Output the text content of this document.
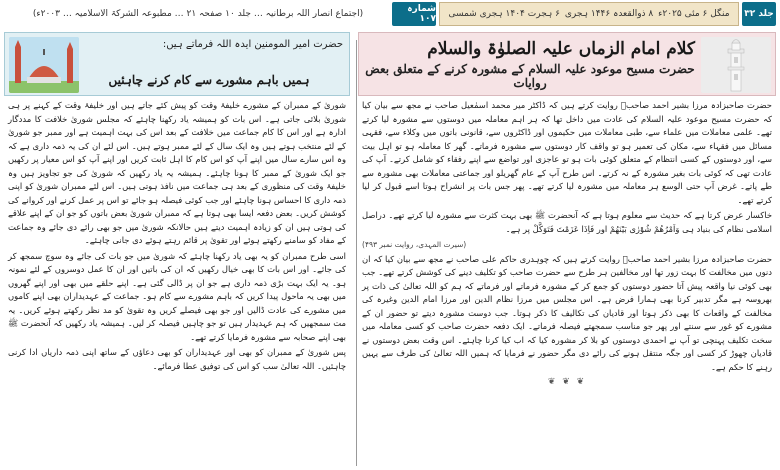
جلد ۳۲
منگل ۶ مئی ۲۰۲۵ء
۸ ذوالقعدہ ۱۴۴۶ ہجری
۶ ہجرت ۱۴۰۴ ہجری شمسی
شمارہ ۱۰۷
(اجتماع انصار اللہ برطانیہ … جلد ۱۰ صفحہ ۲۱ … مطبوعہ الشرکۃ الاسلامیہ … ۲۰۰۳ء)
کلام امام الزماں علیہ الصلوٰۃ والسلام
حضرت مسیح موعود علیہ السلام کے مشورہ کرنے کے متعلق بعض روایات

حضرت صاحبزادہ مرزا بشیر احمد صاحبؓ روایت کرتے ہیں کہ ڈاکٹر میر محمد اسمٰعیل صاحب نے مجھ سے بیان کیا کہ حضرت مسیح موعود علیہ السلام کی عادت میں داخل تھا کہ ہر اہم معاملہ میں دوستوں سے مشورہ لیا کرتے تھے۔ علمی معاملات میں علماء سے، طبی معاملات میں حکیموں اور ڈاکٹروں سے، قانونی باتوں میں وکلاء سے، فقہی مسائل میں فقہاء سے، مکان کی تعمیر ہو تو واقف کار دوستوں سے مشورہ فرماتے۔ گھر کا معاملہ ہو تو اہل بیت سے، اور دوستوں کے کسی انتظام کے متعلق کوئی بات ہو تو عاجزی اور تواضع سے اپنے رفقاء کو شامل کرتے۔ آپ کی عادت تھی کہ کوئی بات بغیر مشورہ کے نہ کرتے۔ اس طرح آپ کے عام گھریلو اور جماعتی معاملات بھی مشورہ سے طے پاتے۔ غرض آپ حتی الوسع ہر معاملہ میں مشورہ لیا کرتے تھے۔ پھر جس بات پر انشراح ہوتا اسے قبول کر لیا کرتے تھے۔

خاکسار عرض کرتا ہے کہ حدیث سے معلوم ہوتا ہے کہ آنحضرت ﷺ بھی بہت کثرت سے مشورہ لیا کرتے تھے۔ دراصل اسلامی نظام کی بنیاد ہی وَاَمْرُھُمْ شُوْرٰی بَیْنَھُمْ اور فَاِذَا عَزَمْتَ فَتَوَکَّلْ پر ہے۔

(سیرت المہدی، روایت نمبر ۴۹۳)

حضرت صاحبزادہ مرزا بشیر احمد صاحبؓ روایت کرتے ہیں کہ چوہدری حاکم علی صاحب نے مجھ سے بیان کیا کہ ان دنوں میں مخالفت کا بہت زور تھا اور مخالفین ہر طرح سے حضرت صاحب کو تکلیف دینے کی کوشش کرتے تھے۔ جب بھی کوئی نیا واقعہ پیش آتا حضور دوستوں کو جمع کر کے مشورہ فرماتے اور فرماتے کہ ہم کو اللہ تعالیٰ کی ذات پر بھروسہ ہے مگر تدبیر کرنا بھی ہمارا فرض ہے۔ اس مجلس میں مرزا نظام الدین اور مرزا امام الدین وغیرہ کی مخالفت کے واقعات کا بھی ذکر ہوتا اور قادیان کی تکالیف کا ذکر ہوتا۔ جب دوست مشورہ دیتے تو حضور ان کے مشورے کو غور سے سنتے اور پھر جو مناسب سمجھتے فیصلہ فرماتے۔ ایک دفعہ حضرت صاحب کو کسی معاملہ میں سخت تکلیف پہنچی تو آپ نے احمدی دوستوں کو بلا کر مشورہ کیا کہ اب کیا کرنا چاہئے۔ اس وقت بعض دوستوں نے قادیان چھوڑ کر کسی اور جگہ منتقل ہونے کی رائے دی مگر حضور نے فرمایا کہ ہمیں اللہ تعالیٰ کی طرف سے یہیں رہنے کا حکم ہے۔

❦ ❦ ❦
حضرت امیر المومنین ایدہ اللہ فرماتے ہیں:
ہمیں باہم مشورے سے کام کرنے چاہئیں

شوریٰ کے ممبران کے مشورے خلیفۂ وقت کو پیش کئے جاتے ہیں اور خلیفۂ وقت کے کہنے پر ہی شوریٰ بلائی جاتی ہے۔ اس بات کو ہمیشہ یاد رکھنا چاہئے کہ مجلس شوریٰ خلافت کا مددگار ادارہ ہے اور اس کا کام جماعت میں خلافت کے بعد اس کی بہت اہمیت ہے اور ممبر جو شوریٰ کے لئے منتخب ہوتے ہیں وہ ایک سال کے لئے ممبر ہوتے ہیں۔ اس لئے ان کی یہ ذمہ داری ہے کہ وہ اس سارے سال میں اپنے آپ کو اس کام کا اہل ثابت کریں اور اپنے آپ کو اس معیار پر رکھیں جو ایک شوریٰ کے ممبر کا ہونا چاہئے۔ ہمیشہ یہ یاد رکھیں کہ شوریٰ کی جو تجاویز ہیں وہ خلیفۂ وقت کی منظوری کے بعد ہی جماعت میں نافذ ہوتی ہیں۔ اس لئے ممبران شوریٰ کو اپنی ذمہ داری کا احساس ہونا چاہئے اور جب کوئی فیصلہ ہو جائے تو اس پر عمل کرنے اور کروانے کی کوشش کریں۔ بعض دفعہ ایسا بھی ہوتا ہے کہ ممبران شوریٰ بعض باتوں کو جو ان کے اپنے علاقے کی ہوتی ہیں ان کو زیادہ اہمیت دیتے ہیں حالانکہ شوریٰ میں جو بھی رائے دی جائے وہ جماعت کے مفاد کو سامنے رکھتے ہوئے اور تقویٰ پر قائم رہتے ہوئے دی جانی چاہئے۔

اسی طرح ممبران کو یہ بھی یاد رکھنا چاہئے کہ شوریٰ میں جو بات کی جائے وہ سوچ سمجھ کر کی جائے۔ اور اس بات کا بھی خیال رکھیں کہ ان کی باتیں اور ان کا عمل دوسروں کے لئے نمونہ ہو۔ یہ ایک بہت بڑی ذمہ داری ہے جو ان پر ڈالی گئی ہے۔ اپنے حلقے میں بھی اور اپنے گھروں میں بھی یہ ماحول پیدا کریں کہ باہم مشورے سے کام ہو۔ جماعت کے عہدیداران بھی اپنے کاموں میں مشورے کی عادت ڈالیں اور جو بھی فیصلے کریں وہ تقویٰ کو مد نظر رکھتے ہوئے کریں۔ یہ مت سمجھیں کہ ہم عہدیدار ہیں تو جو چاہیں فیصلہ کر لیں۔ ہمیشہ یاد رکھیں کہ آنحضرت ﷺ بھی اپنے صحابہ سے مشورہ فرمایا کرتے تھے۔

پس شوریٰ کے ممبران کو بھی اور عہدیداران کو بھی دعاؤں کے ساتھ اپنی ذمہ داریاں ادا کرنی چاہئیں۔ اللہ تعالیٰ سب کو اس کی توفیق عطا فرمائے۔
